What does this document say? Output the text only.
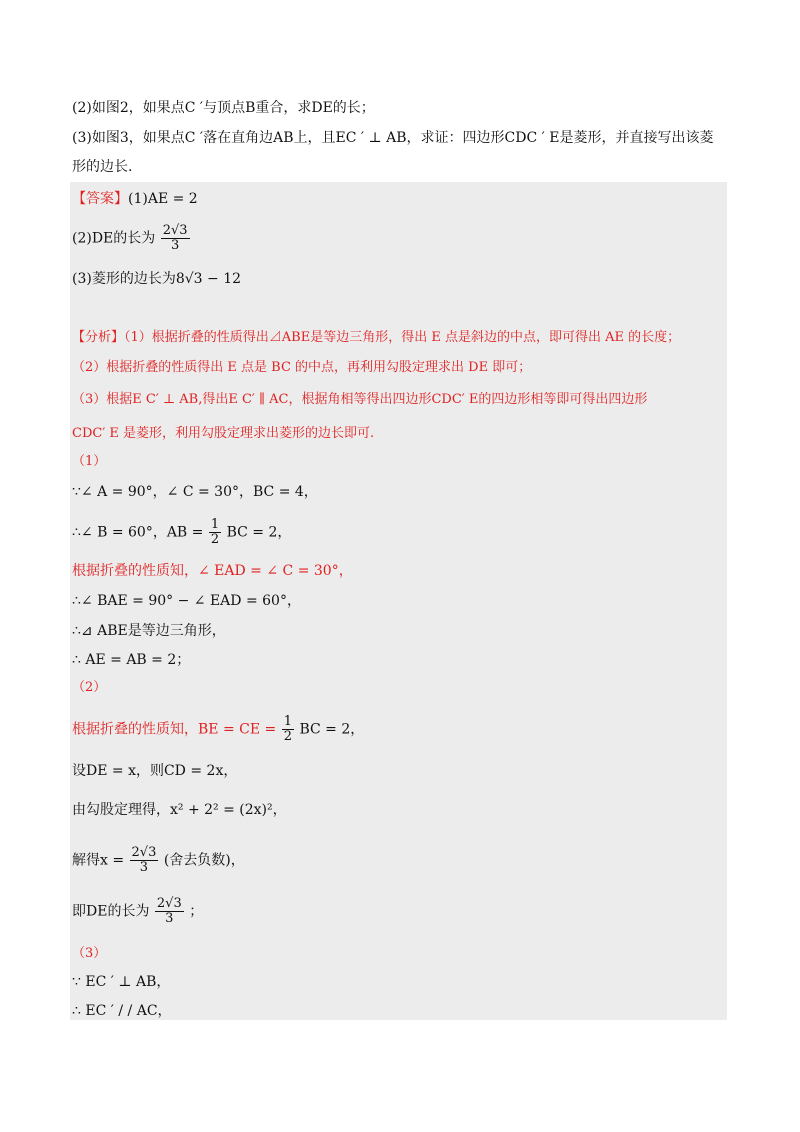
(2)如图2，如果点C ′与顶点B重合，求DE的长；
(3)如图3，如果点C ′落在直角边AB上，且EC ′ ⊥ AB，求证：四边形CDC ′ E是菱形，并直接写出该菱
形的边长.
【答案】(1)AE = 2
(2)DE的长为 $\frac{2√3}{3}$
(3)菱形的边长为8√3 − 12
【分析】（1）根据折叠的性质得出⊿ABE是等边三角形，得出 E 点是斜边的中点，即可得出 AE 的长度；
（2）根据折叠的性质得出 E 点是 BC 的中点，再利用勾股定理求出 DE 即可；
（3）根据E C′ ⊥ AB,得出E C′ ∥ AC，根据角相等得出四边形CDC′ E的四边形相等即可得出四边形
CDC′ E 是菱形，利用勾股定理求出菱形的边长即可.
（1）
∵∠ A = 90°，∠ C = 30°，BC = 4，
∴∠ B = 60°，AB = $\frac{1}{2}$ BC = 2，
根据折叠的性质知，∠ EAD = ∠ C = 30°，
∴∠ BAE = 90° − ∠ EAD = 60°，
∴⊿ ABE是等边三角形，
∴ AE = AB = 2；
（2）
根据折叠的性质知，BE = CE = $\frac{1}{2}$ BC = 2，
设DE = x，则CD = 2x，
由勾股定理得，x² + 2² = (2x)²，
解得$x = \frac{2√3}{3}$ (舍去负数)，
即DE的长为 $\frac{2√3}{3}$ ；
（3）
∵ EC ′ ⊥ AB，
∴ EC ′ / / AC，
